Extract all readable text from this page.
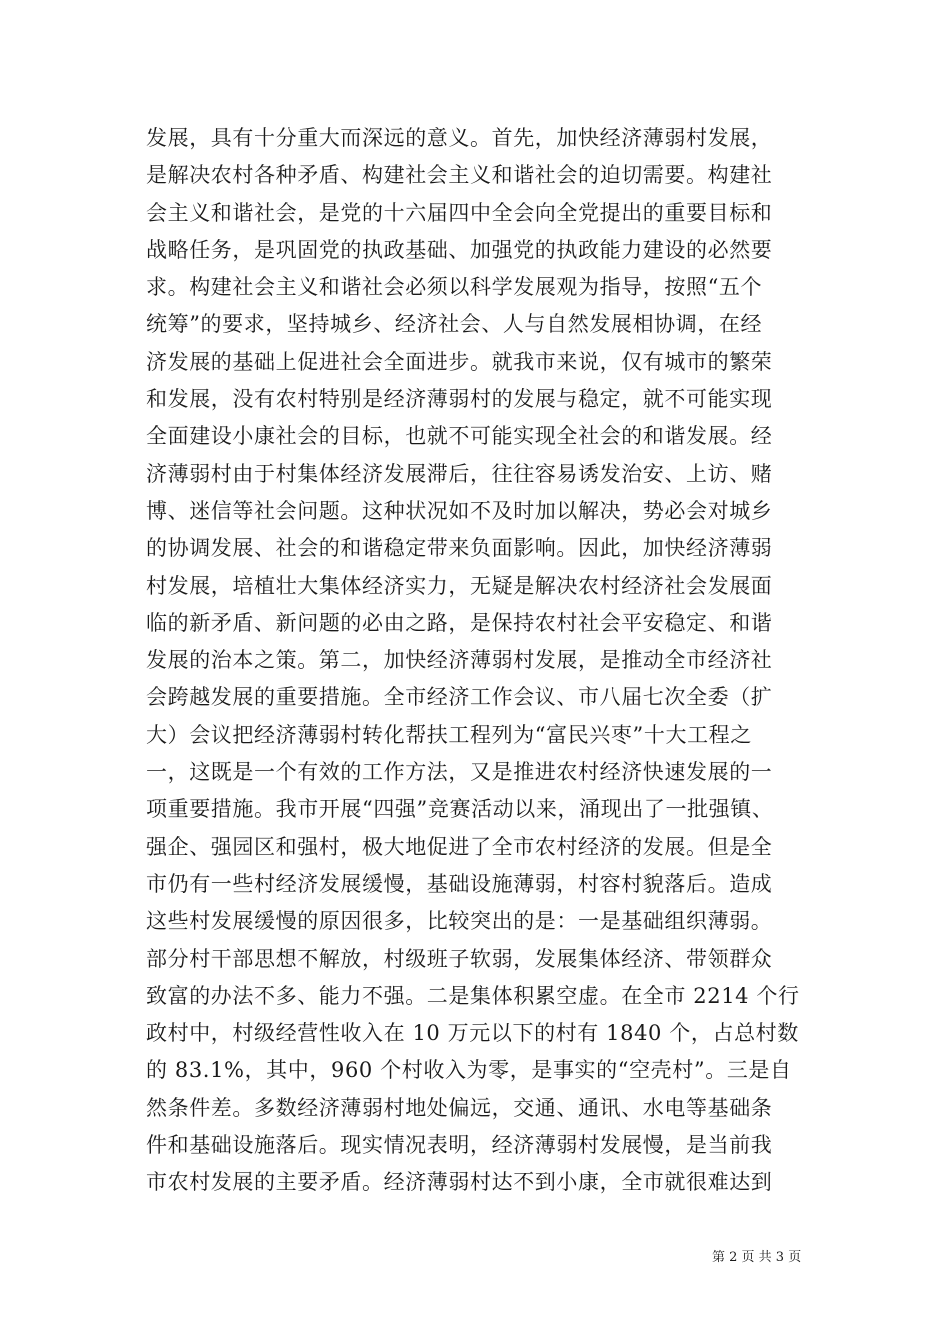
发展，具有十分重大而深远的意义。首先，加快经济薄弱村发展，
是解决农村各种矛盾、构建社会主义和谐社会的迫切需要。构建社
会主义和谐社会，是党的十六届四中全会向全党提出的重要目标和
战略任务，是巩固党的执政基础、加强党的执政能力建设的必然要
求。构建社会主义和谐社会必须以科学发展观为指导，按照“五个
统筹”的要求，坚持城乡、经济社会、人与自然发展相协调，在经
济发展的基础上促进社会全面进步。就我市来说，仅有城市的繁荣
和发展，没有农村特别是经济薄弱村的发展与稳定，就不可能实现
全面建设小康社会的目标，也就不可能实现全社会的和谐发展。经
济薄弱村由于村集体经济发展滞后，往往容易诱发治安、上访、赌
博、迷信等社会问题。这种状况如不及时加以解决，势必会对城乡
的协调发展、社会的和谐稳定带来负面影响。因此，加快经济薄弱
村发展，培植壮大集体经济实力，无疑是解决农村经济社会发展面
临的新矛盾、新问题的必由之路，是保持农村社会平安稳定、和谐
发展的治本之策。第二，加快经济薄弱村发展，是推动全市经济社
会跨越发展的重要措施。全市经济工作会议、市八届七次全委（扩
大）会议把经济薄弱村转化帮扶工程列为“富民兴枣”十大工程之
一，这既是一个有效的工作方法，又是推进农村经济快速发展的一
项重要措施。我市开展“四强”竞赛活动以来，涌现出了一批强镇、
强企、强园区和强村，极大地促进了全市农村经济的发展。但是全
市仍有一些村经济发展缓慢，基础设施薄弱，村容村貌落后。造成
这些村发展缓慢的原因很多，比较突出的是：一是基础组织薄弱。
部分村干部思想不解放，村级班子软弱，发展集体经济、带领群众
致富的办法不多、能力不强。二是集体积累空虚。在全市 2214 个行
政村中，村级经营性收入在 10 万元以下的村有 1840 个，占总村数
的 83.1%，其中，960 个村收入为零，是事实的“空壳村”。三是自
然条件差。多数经济薄弱村地处偏远，交通、通讯、水电等基础条
件和基础设施落后。现实情况表明，经济薄弱村发展慢，是当前我
市农村发展的主要矛盾。经济薄弱村达不到小康，全市就很难达到
第 2 页 共 3 页
